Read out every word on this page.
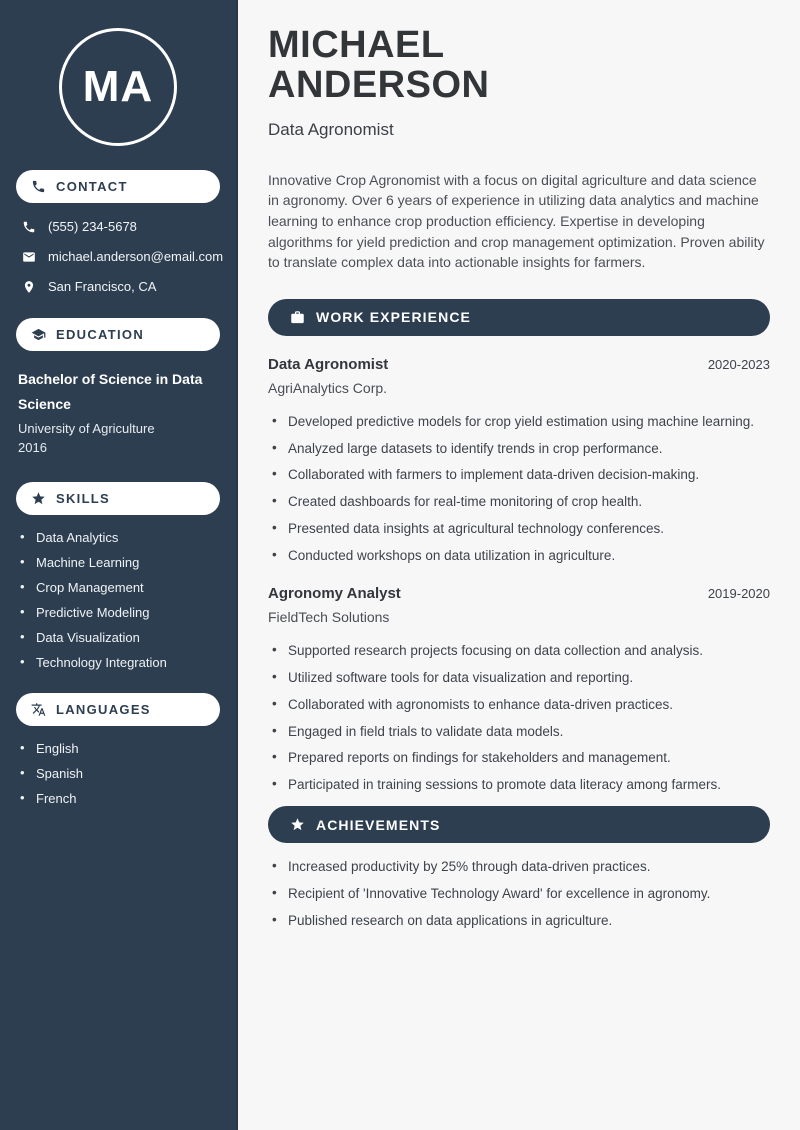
MA
CONTACT
(555) 234-5678
michael.anderson@email.com
San Francisco, CA
EDUCATION
Bachelor of Science in Data Science
University of Agriculture
2016
SKILLS
• Data Analytics
• Machine Learning
• Crop Management
• Predictive Modeling
• Data Visualization
• Technology Integration
LANGUAGES
• English
• Spanish
• French
MICHAEL
ANDERSON
Data Agronomist

Innovative Crop Agronomist with a focus on digital agriculture and data science in agronomy. Over 6 years of experience in utilizing data analytics and machine learning to enhance crop production efficiency. Expertise in developing algorithms for yield prediction and crop management optimization. Proven ability to translate complex data into actionable insights for farmers.

WORK EXPERIENCE
Data Agronomist	2020-2023
AgriAnalytics Corp.
• Developed predictive models for crop yield estimation using machine learning.
• Analyzed large datasets to identify trends in crop performance.
• Collaborated with farmers to implement data-driven decision-making.
• Created dashboards for real-time monitoring of crop health.
• Presented data insights at agricultural technology conferences.
• Conducted workshops on data utilization in agriculture.
Agronomy Analyst	2019-2020
FieldTech Solutions
• Supported research projects focusing on data collection and analysis.
• Utilized software tools for data visualization and reporting.
• Collaborated with agronomists to enhance data-driven practices.
• Engaged in field trials to validate data models.
• Prepared reports on findings for stakeholders and management.
• Participated in training sessions to promote data literacy among farmers.
ACHIEVEMENTS
• Increased productivity by 25% through data-driven practices.
• Recipient of 'Innovative Technology Award' for excellence in agronomy.
• Published research on data applications in agriculture.
